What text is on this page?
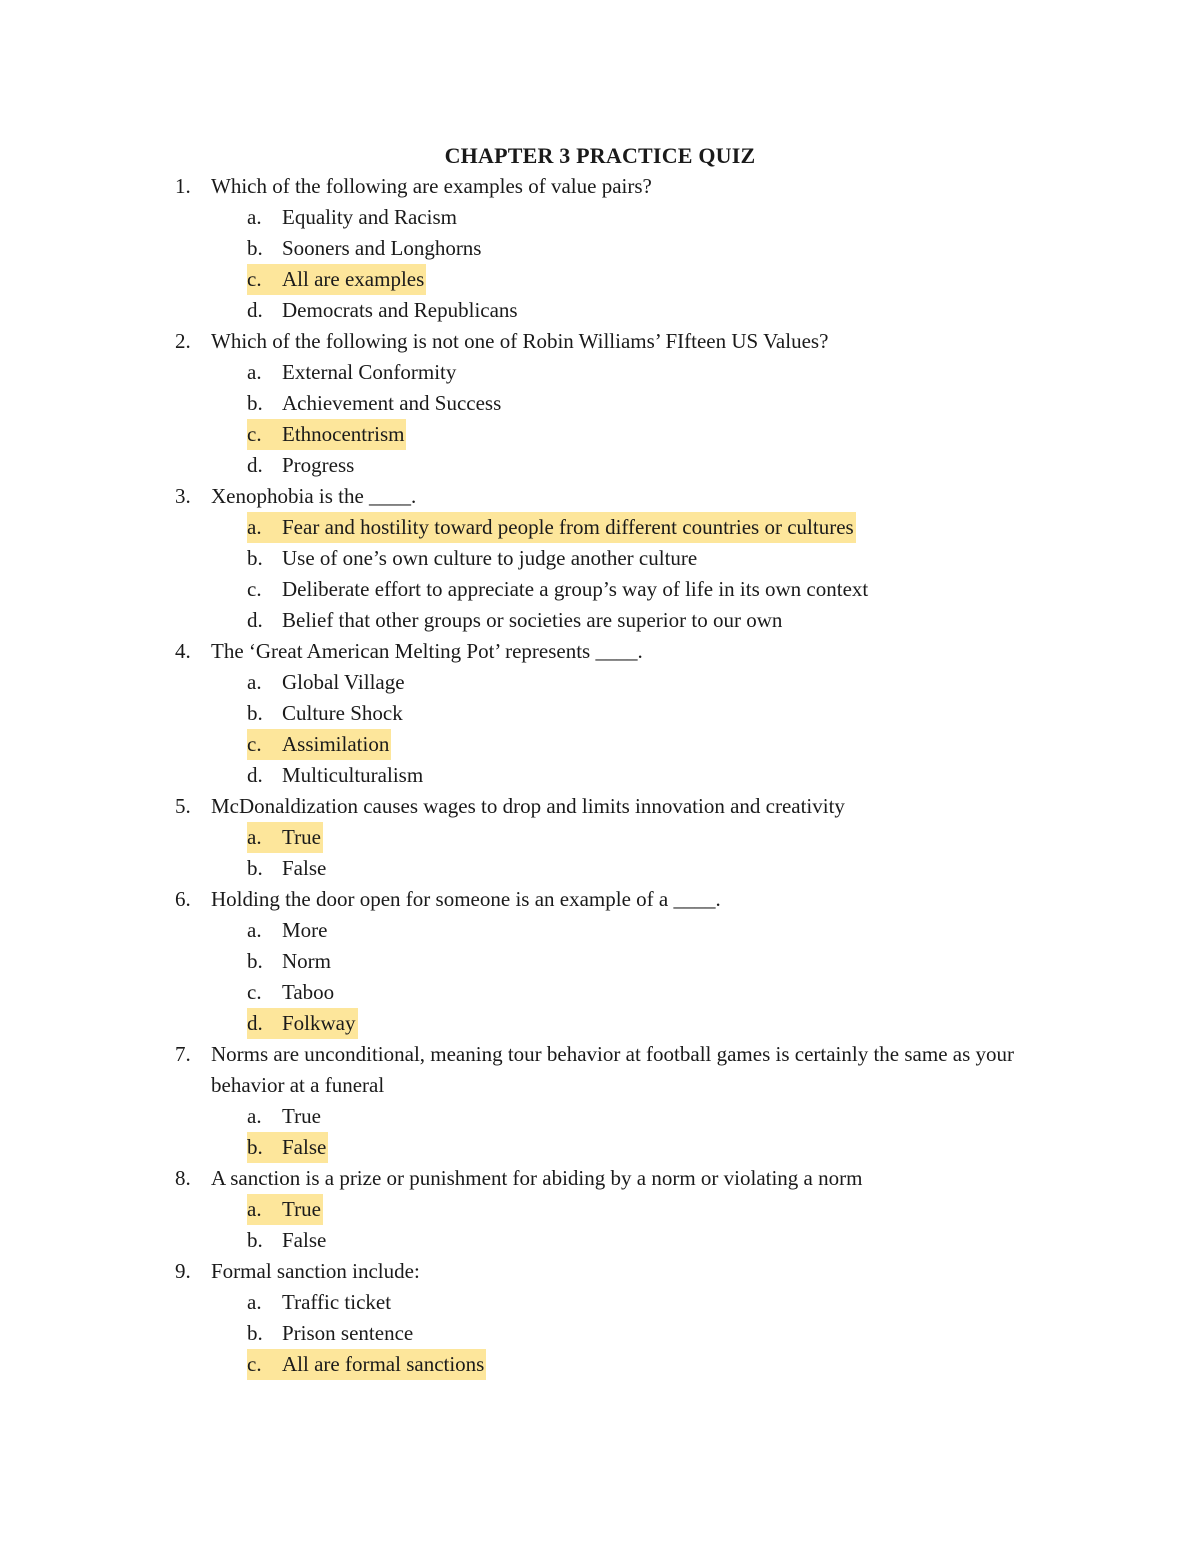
CHAPTER 3 PRACTICE QUIZ
1. Which of the following are examples of value pairs?
a. Equality and Racism
b. Sooners and Longhorns
c. All are examples
d. Democrats and Republicans
2. Which of the following is not one of Robin Williams’ FIfteen US Values?
a. External Conformity
b. Achievement and Success
c. Ethnocentrism
d. Progress
3. Xenophobia is the ____.
a. Fear and hostility toward people from different countries or cultures
b. Use of one’s own culture to judge another culture
c. Deliberate effort to appreciate a group’s way of life in its own context
d. Belief that other groups or societies are superior to our own
4. The ‘Great American Melting Pot’ represents ____.
a. Global Village
b. Culture Shock
c. Assimilation
d. Multiculturalism
5. McDonaldization causes wages to drop and limits innovation and creativity
a. True
b. False
6. Holding the door open for someone is an example of a ____.
a. More
b. Norm
c. Taboo
d. Folkway
7. Norms are unconditional, meaning tour behavior at football games is certainly the same as your behavior at a funeral
a. True
b. False
8. A sanction is a prize or punishment for abiding by a norm or violating a norm
a. True
b. False
9. Formal sanction include:
a. Traffic ticket
b. Prison sentence
c. All are formal sanctions
